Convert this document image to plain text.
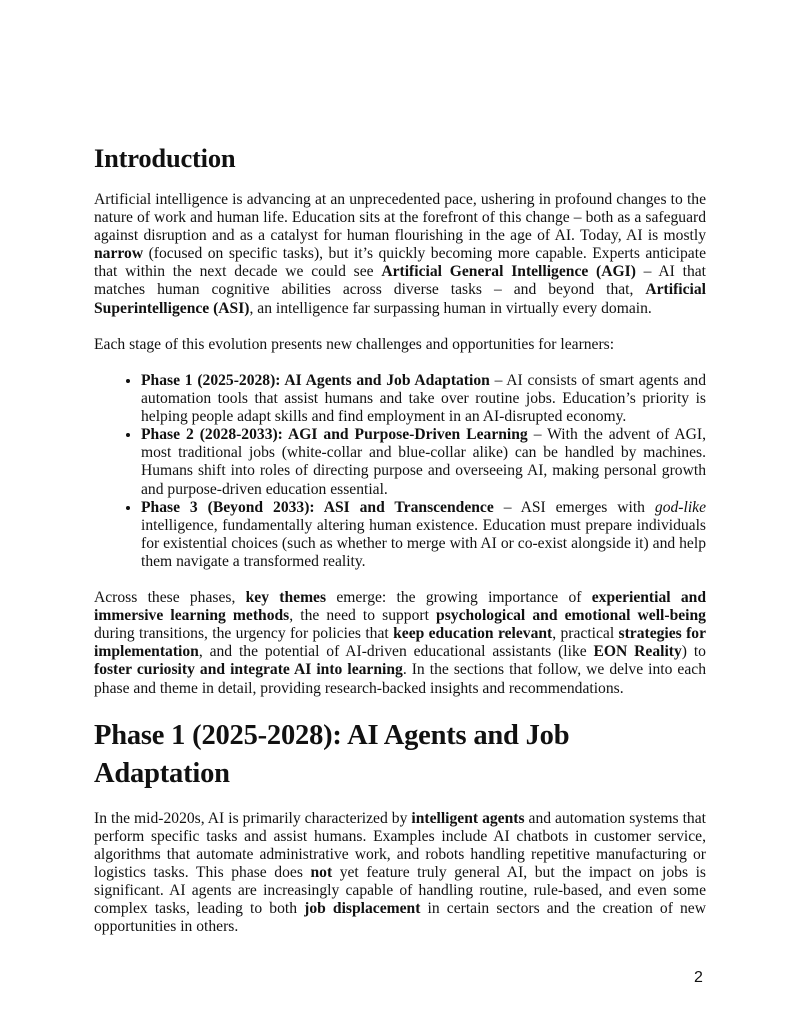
Introduction

Artificial intelligence is advancing at an unprecedented pace, ushering in profound changes to the nature of work and human life. Education sits at the forefront of this change – both as a safeguard against disruption and as a catalyst for human flourishing in the age of AI. Today, AI is mostly narrow (focused on specific tasks), but it’s quickly becoming more capable. Experts anticipate that within the next decade we could see Artificial General Intelligence (AGI) – AI that matches human cognitive abilities across diverse tasks – and beyond that, Artificial Superintelligence (ASI), an intelligence far surpassing human in virtually every domain.

Each stage of this evolution presents new challenges and opportunities for learners:

• Phase 1 (2025-2028): AI Agents and Job Adaptation – AI consists of smart agents and automation tools that assist humans and take over routine jobs. Education’s priority is helping people adapt skills and find employment in an AI-disrupted economy.
• Phase 2 (2028-2033): AGI and Purpose-Driven Learning – With the advent of AGI, most traditional jobs (white-collar and blue-collar alike) can be handled by machines. Humans shift into roles of directing purpose and overseeing AI, making personal growth and purpose-driven education essential.
• Phase 3 (Beyond 2033): ASI and Transcendence – ASI emerges with god-like intelligence, fundamentally altering human existence. Education must prepare individuals for existential choices (such as whether to merge with AI or co-exist alongside it) and help them navigate a transformed reality.

Across these phases, key themes emerge: the growing importance of experiential and immersive learning methods, the need to support psychological and emotional well-being during transitions, the urgency for policies that keep education relevant, practical strategies for implementation, and the potential of AI-driven educational assistants (like EON Reality) to foster curiosity and integrate AI into learning. In the sections that follow, we delve into each phase and theme in detail, providing research-backed insights and recommendations.

Phase 1 (2025-2028): AI Agents and Job Adaptation

In the mid-2020s, AI is primarily characterized by intelligent agents and automation systems that perform specific tasks and assist humans. Examples include AI chatbots in customer service, algorithms that automate administrative work, and robots handling repetitive manufacturing or logistics tasks. This phase does not yet feature truly general AI, but the impact on jobs is significant. AI agents are increasingly capable of handling routine, rule-based, and even some complex tasks, leading to both job displacement in certain sectors and the creation of new opportunities in others.

2
